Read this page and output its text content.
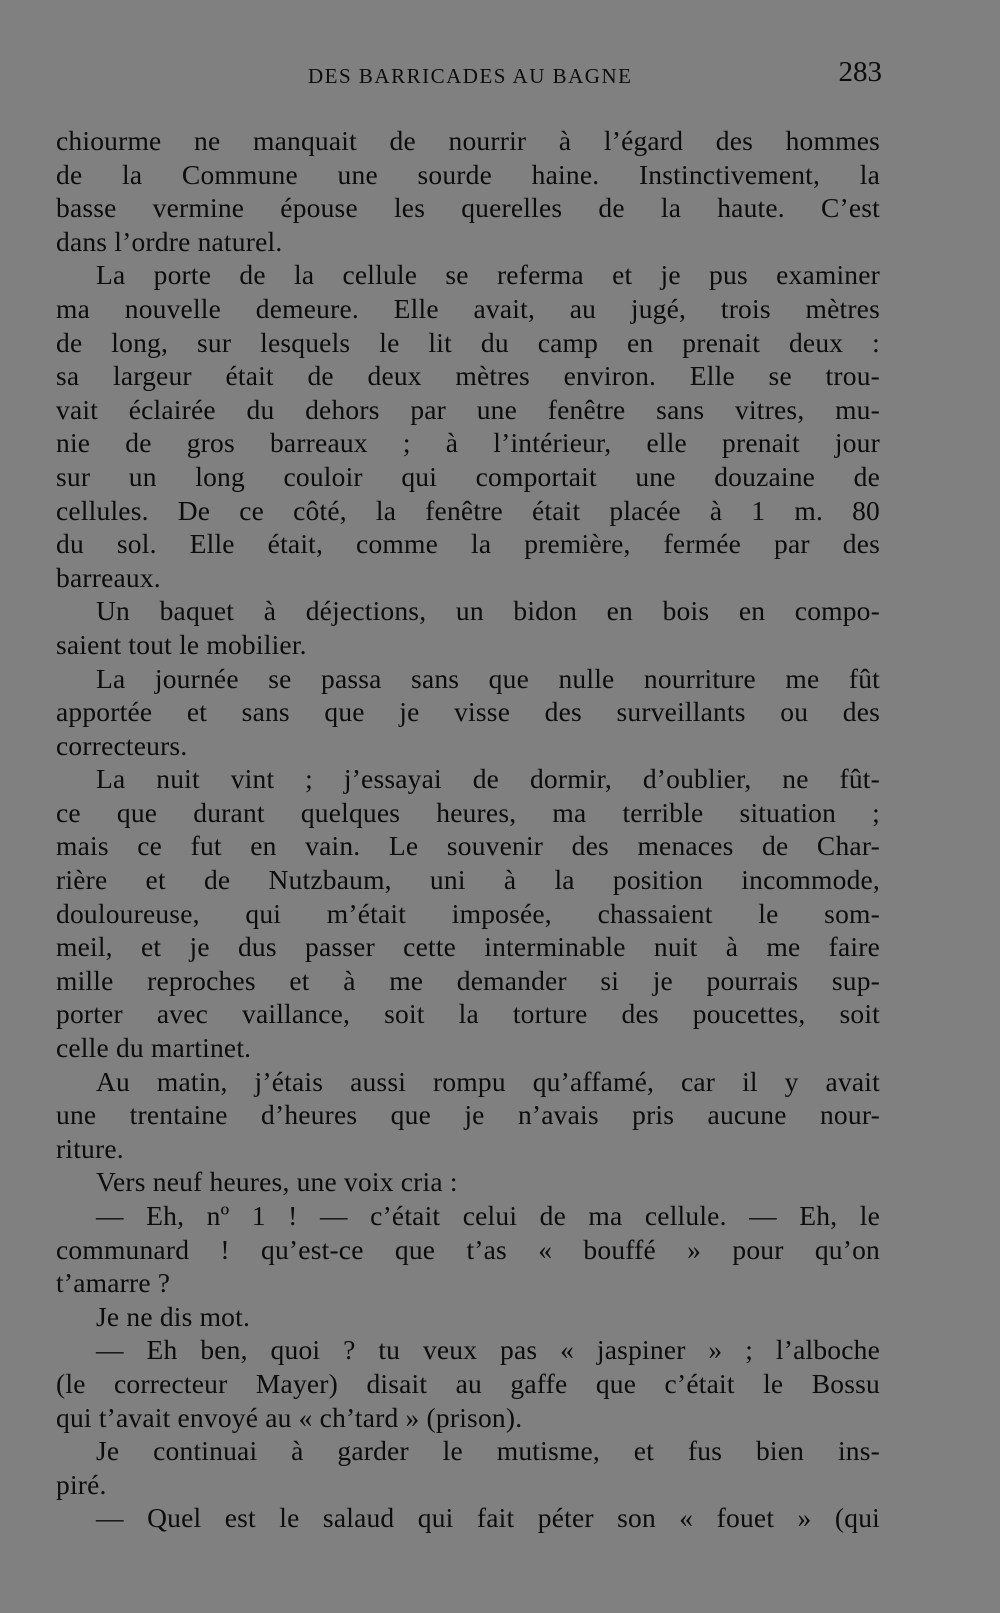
DES BARRICADES AU BAGNE	283
chiourme ne manquait de nourrir à l’égard des hommes
de la Commune une sourde haine. Instinctivement, la
basse vermine épouse les querelles de la haute. C’est
dans l’ordre naturel.
La porte de la cellule se referma et je pus examiner
ma nouvelle demeure. Elle avait, au jugé, trois mètres
de long, sur lesquels le lit du camp en prenait deux :
sa largeur était de deux mètres environ. Elle se trou-
vait éclairée du dehors par une fenêtre sans vitres, mu-
nie de gros barreaux ; à l’intérieur, elle prenait jour
sur un long couloir qui comportait une douzaine de
cellules. De ce côté, la fenêtre était placée à 1 m. 80
du sol. Elle était, comme la première, fermée par des
barreaux.
Un baquet à déjections, un bidon en bois en compo-
saient tout le mobilier.
La journée se passa sans que nulle nourriture me fût
apportée et sans que je visse des surveillants ou des
correcteurs.
La nuit vint ; j’essayai de dormir, d’oublier, ne fût-
ce que durant quelques heures, ma terrible situation ;
mais ce fut en vain. Le souvenir des menaces de Char-
rière et de Nutzbaum, uni à la position incommode,
douloureuse, qui m’était imposée, chassaient le som-
meil, et je dus passer cette interminable nuit à me faire
mille reproches et à me demander si je pourrais sup-
porter avec vaillance, soit la torture des poucettes, soit
celle du martinet.
Au matin, j’étais aussi rompu qu’affamé, car il y avait
une trentaine d’heures que je n’avais pris aucune nour-
riture.
Vers neuf heures, une voix cria :
— Eh, nº 1 ! — c’était celui de ma cellule. — Eh, le
communard ! qu’est-ce que t’as « bouffé » pour qu’on
t’amarre ?
Je ne dis mot.
— Eh ben, quoi ? tu veux pas « jaspiner » ; l’alboche
(le correcteur Mayer) disait au gaffe que c’était le Bossu
qui t’avait envoyé au « ch’tard » (prison).
Je continuai à garder le mutisme, et fus bien ins-
piré.
— Quel est le salaud qui fait péter son « fouet » (qui
